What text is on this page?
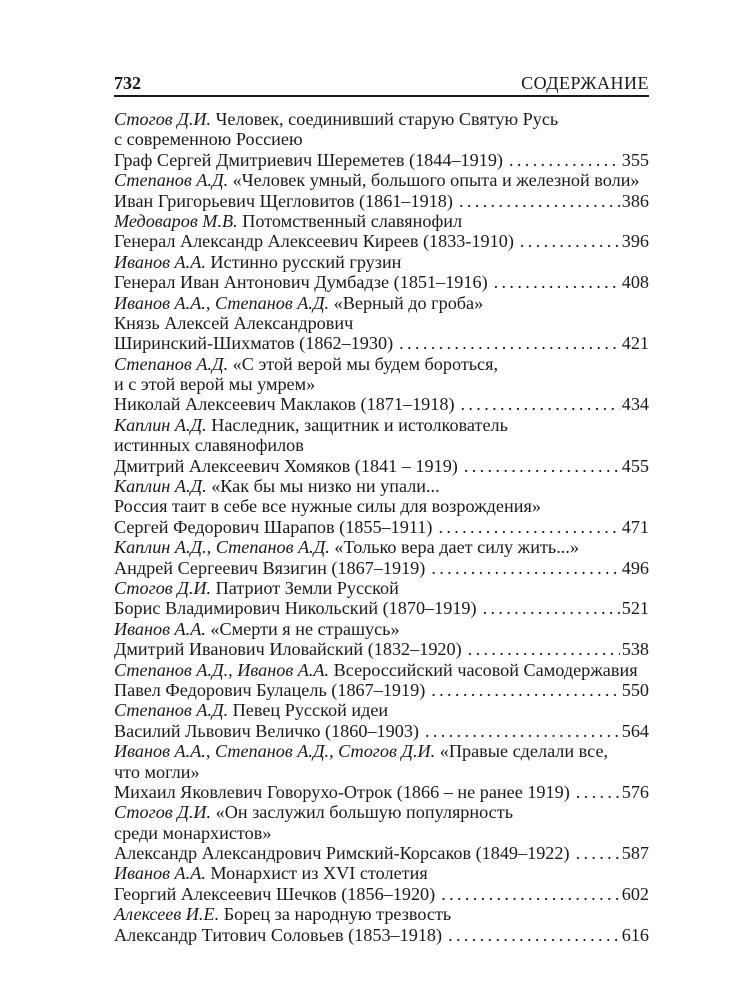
732	СОДЕРЖАНИЕ
Стогов Д.И. Человек, соединивший старую Святую Русь
с современною Россиею
Граф Сергей Дмитриевич Шереметев (1844–1919) . . .	355
Степанов А.Д. «Человек умный, большого опыта и железной воли»
Иван Григорьевич Щегловитов (1861–1918) . . .	386
Медоваров М.В. Потомственный славянофил
Генерал Александр Алексеевич Киреев (1833-1910) . . .	396
Иванов А.А. Истинно русский грузин
Генерал Иван Антонович Думбадзе (1851–1916) . . .	408
Иванов А.А., Степанов А.Д. «Верный до гроба»
Князь Алексей Александрович
Ширинский-Шихматов (1862–1930) . . .	421
Степанов А.Д. «С этой верой мы будем бороться,
и с этой верой мы умрем»
Николай Алексеевич Маклаков (1871–1918) . . .	434
Каплин А.Д. Наследник, защитник и истолкователь
истинных славянофилов
Дмитрий Алексеевич Хомяков (1841 – 1919) . . .	455
Каплин А.Д. «Как бы мы низко ни упали...
Россия таит в себе все нужные силы для возрождения»
Сергей Федорович Шарапов (1855–1911) . . .	471
Каплин А.Д., Степанов А.Д. «Только вера дает силу жить...»
Андрей Сергеевич Вязигин (1867–1919) . . .	496
Стогов Д.И. Патриот Земли Русской
Борис Владимирович Никольский (1870–1919) . . .	521
Иванов А.А. «Смерти я не страшусь»
Дмитрий Иванович Иловайский (1832–1920) . . .	538
Степанов А.Д., Иванов А.А. Всероссийский часовой Самодержавия
Павел Федорович Булацель (1867–1919) . . .	550
Степанов А.Д. Певец Русской идеи
Василий Львович Величко (1860–1903) . . .	564
Иванов А.А., Степанов А.Д., Стогов Д.И. «Правые сделали все,
что могли»
Михаил Яковлевич Говорухо-Отрок (1866 – не ранее 1919) . . .	576
Стогов Д.И. «Он заслужил большую популярность
среди монархистов»
Александр Александрович Римский-Корсаков (1849–1922) . . .	587
Иванов А.А. Монархист из XVI столетия
Георгий Алексеевич Шечков (1856–1920) . . .	602
Алексеев И.Е. Борец за народную трезвость
Александр Титович Соловьев (1853–1918) . . .	616
